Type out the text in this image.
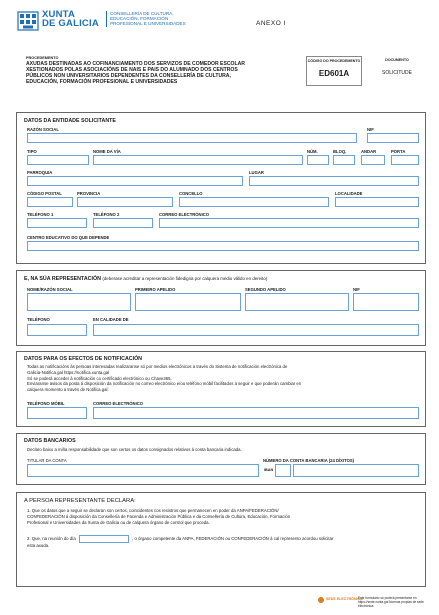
XUNTA
DE GALICIA
CONSELLERÍA DE CULTURA,
EDUCACIÓN, FORMACIÓN
PROFESIONAL E UNIVERSIDADES	ANEXO I
PROCEDEMENTO
AXUDAS DESTINADAS AO COFINANCIAMENTO DOS SERVIZOS DE COMEDOR ESCOLAR
XESTIONADOS POLAS ASOCIACIÓNS DE NAIS E PAIS DO ALUMNADO DOS CENTROS
PÚBLICOS NON UNIVERSITARIOS DEPENDENTES DA CONSELLERÍA DE CULTURA,
EDUCACIÓN, FORMACIÓN PROFESIONAL E UNIVERSIDADES
CÓDIGO DO PROCEDEMENTO
ED601A
DOCUMENTO
SOLICITUDE
DATOS DA ENTIDADE SOLICITANTE
RAZÓN SOCIAL	NIF
TIPO	NOME DA VÍA	NÚM.	BLOQ.	ANDAR	PORTA
PARROQUIA	LUGAR
CÓDIGO POSTAL	PROVINCIA	CONCELLO	LOCALIDADE
TELÉFONO 1	TELÉFONO 2	CORREO ELECTRÓNICO
CENTRO EDUCATIVO DO QUE DEPENDE
E, NA SÚA REPRESENTACIÓN (deberase acreditar a representación fidedigna por calquera medio válido en dereito)
NOME/RAZÓN SOCIAL	PRIMEIRO APELIDO	SEGUNDO APELIDO	NIF
TELÉFONO	EN CALIDADE DE
DATOS PARA OS EFECTOS DE NOTIFICACIÓN
Todas as notificacións ás persoas interesadas realizaranse só por medios electrónicos a través do Sistema de notificación electrónica de
Galicia-Notifica.gal https://notifica.xunta.gal
Só se poderá acceder á notificación co certificado electrónico ou Chave365.
Enviaranse avisos da posta á disposición da notificación no correo electrónico e/ou teléfono móbil facilitados a seguir e que poderán cambiar en
calquera momento a través de Notifica.gal:
TELÉFONO MÓBIL	CORREO ELECTRÓNICO
DATOS BANCARIOS
Declaro baixo a miña responsabilidade que son certos os datos consignados relativos á conta bancaria indicada.
TITULAR DA CONTA	NÚMERO DA CONTA BANCARIA (24 DÍXITOS)
IBAN
A PERSOA REPRESENTANTE DECLARA:
1. Que os datos que a seguir se declaran son certos, coincidentes cos rexistros que permanecen en poder da ANPA/FEDERACIÓN/
CONFEDERACIÓN á disposición da Consellería de Facenda e Administración Pública e da Consellería de Cultura, Educación, Formación
Profesional e Universidades da Xunta de Galicia ou de calquera órgano de control que proceda.
2. Que, na reunión do día	, o órgano competente da ANPA, FEDERACIÓN ou CONFEDERACIÓN á cal represento acordou solicitar
esta axuda.
SEDE ELECTRÓNICA
Este formulario só poderá presentarse en
https://sede.xunta.gal Normas propias de sede electrónica
